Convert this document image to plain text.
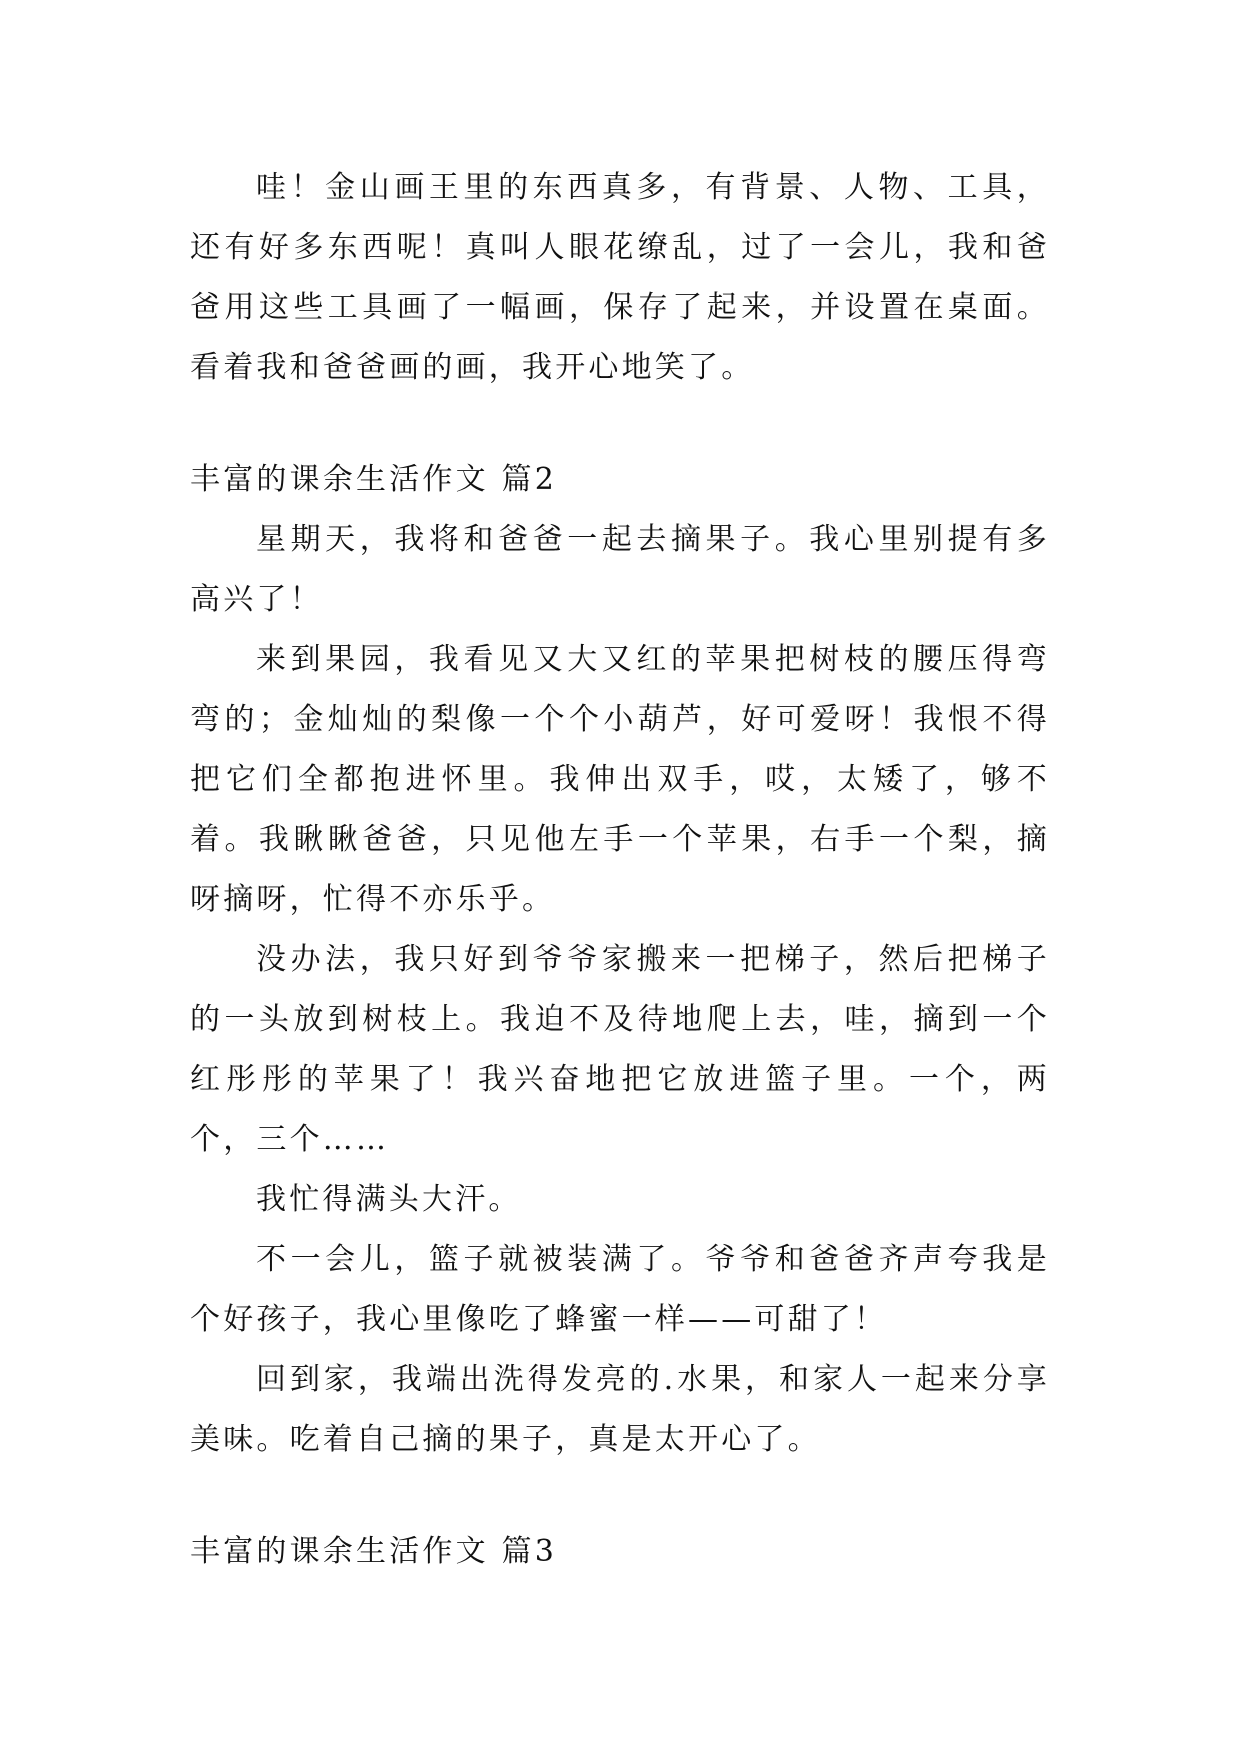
哇！金山画王里的东西真多，有背景、人物、工具，还有好多东西呢！真叫人眼花缭乱，过了一会儿，我和爸爸用这些工具画了一幅画，保存了起来，并设置在桌面。看着我和爸爸画的画，我开心地笑了。

丰富的课余生活作文 篇2

星期天，我将和爸爸一起去摘果子。我心里别提有多高兴了！

来到果园，我看见又大又红的苹果把树枝的腰压得弯弯的；金灿灿的梨像一个个小葫芦，好可爱呀！我恨不得把它们全都抱进怀里。我伸出双手，哎，太矮了，够不着。我瞅瞅爸爸，只见他左手一个苹果，右手一个梨，摘呀摘呀，忙得不亦乐乎。

没办法，我只好到爷爷家搬来一把梯子，然后把梯子的一头放到树枝上。我迫不及待地爬上去，哇，摘到一个红彤彤的苹果了！我兴奋地把它放进篮子里。一个，两个，三个……

我忙得满头大汗。

不一会儿，篮子就被装满了。爷爷和爸爸齐声夸我是个好孩子，我心里像吃了蜂蜜一样——可甜了！

回到家，我端出洗得发亮的.水果，和家人一起来分享美味。吃着自己摘的果子，真是太开心了。

丰富的课余生活作文 篇3
